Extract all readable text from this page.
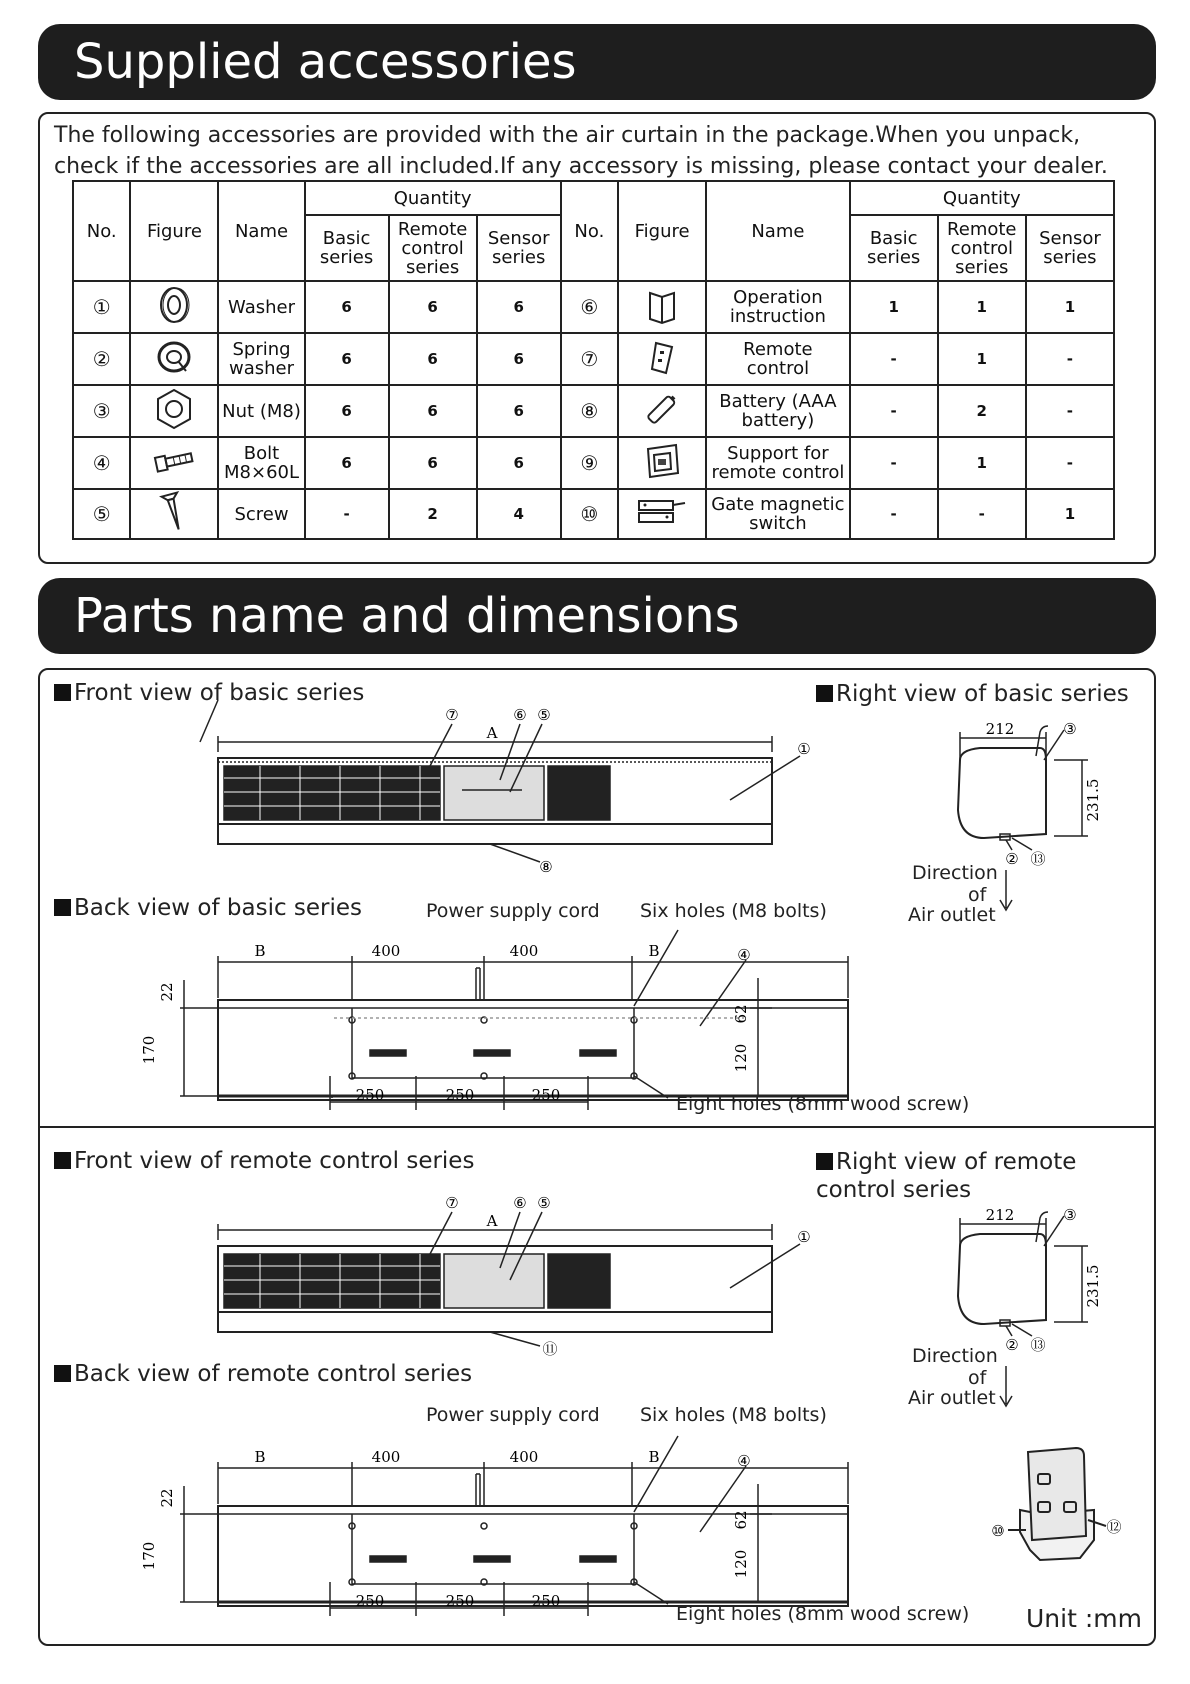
Supplied accessories
The following accessories are provided with the air curtain in the package.When you unpack, check if the accessories are all included.If any accessory is missing, please contact your dealer.
No.	Figure	Name	Quantity			No.	Figure	Name	Quantity		
			Basic series	Remote control series	Sensor series				Basic series	Remote control series	Sensor series
①		Washer	6	6	6	⑥		Operation instruction	1	1	1
②		Spring washer	6	6	6	⑦		Remote control	-	1	-
③		Nut (M8)	6	6	6	⑧		Battery (AAA battery)	-	2	-
④		Bolt M8×60L	6	6	6	⑨		Support for remote control	-	1	-
⑤		Screw	-	2	4	⑩		Gate magnetic switch	-	-	1
Parts name and dimensions
Front view of basic series	Right view of basic series
Back view of basic series
Front view of remote control series	Right view of remote control series
Back view of remote control series
Power supply cord Six holes (M8 bolts)
Eight holes (8mm wood screw)
Power supply cord Six holes (M8 bolts)
Eight holes (8mm wood screw)
Direction
of
Air outlet
Direction
of
Air outlet
Unit :mm
A
⑦	⑥ ⑤
①
⑧
212
231.5
③
② ⑬
B	400	400	B	④
22
170
62
120
250	250	250
A
⑦	⑥ ⑤
①
⑪
212
231.5
③
② ⑬
B	400	400	B	④
22
170
62
120
250	250	250
⑩	⑫
